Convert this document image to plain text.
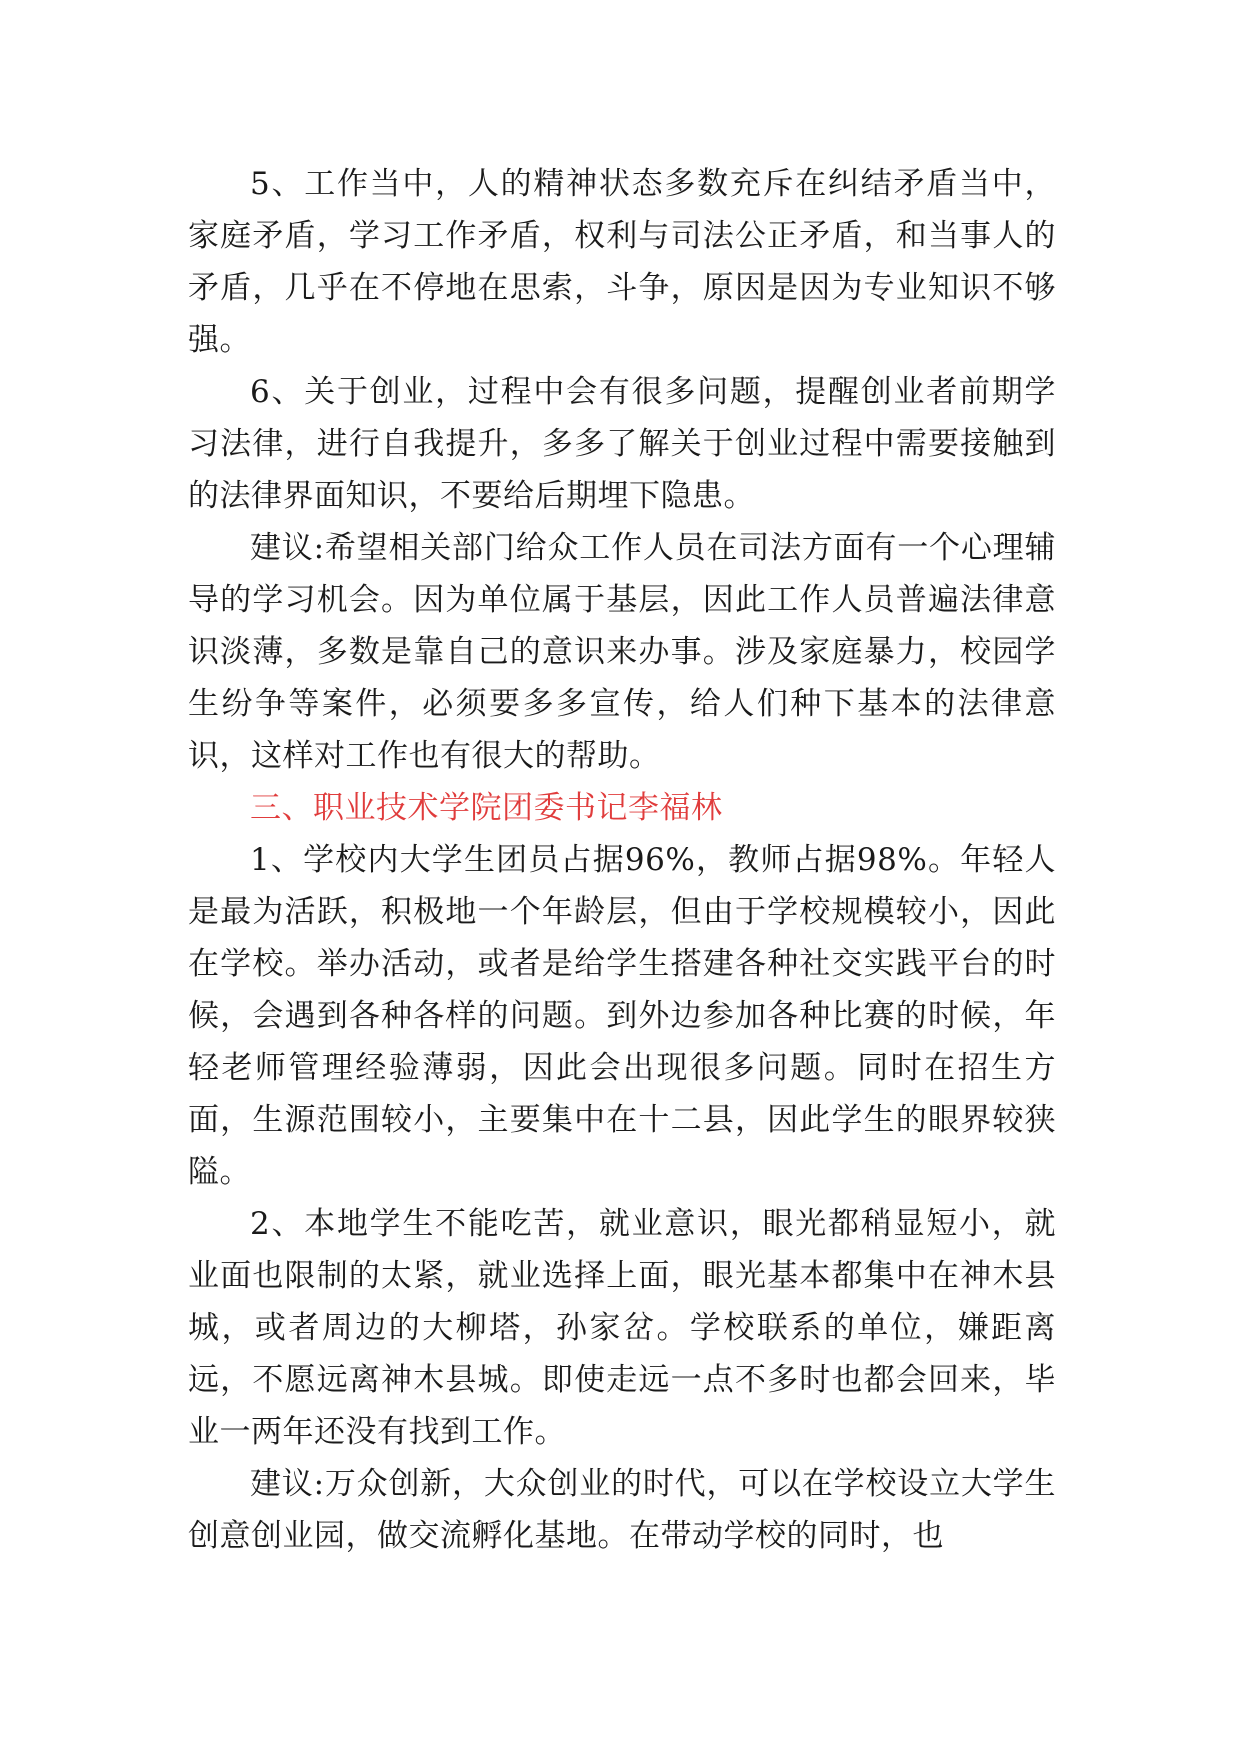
5、工作当中，人的精神状态多数充斥在纠结矛盾当中，家庭矛盾，学习工作矛盾，权利与司法公正矛盾，和当事人的矛盾，几乎在不停地在思索，斗争，原因是因为专业知识不够强。

6、关于创业，过程中会有很多问题，提醒创业者前期学习法律，进行自我提升，多多了解关于创业过程中需要接触到的法律界面知识，不要给后期埋下隐患。

建议:希望相关部门给众工作人员在司法方面有一个心理辅导的学习机会。因为单位属于基层，因此工作人员普遍法律意识淡薄，多数是靠自己的意识来办事。涉及家庭暴力，校园学生纷争等案件，必须要多多宣传，给人们种下基本的法律意识，这样对工作也有很大的帮助。

三、职业技术学院团委书记李福林

1、学校内大学生团员占据96%，教师占据98%。年轻人是最为活跃，积极地一个年龄层，但由于学校规模较小，因此在学校。举办活动，或者是给学生搭建各种社交实践平台的时候，会遇到各种各样的问题。到外边参加各种比赛的时候，年轻老师管理经验薄弱，因此会出现很多问题。同时在招生方面，生源范围较小，主要集中在十二县，因此学生的眼界较狭隘。

2、本地学生不能吃苦，就业意识，眼光都稍显短小，就业面也限制的太紧，就业选择上面，眼光基本都集中在神木县城，或者周边的大柳塔，孙家岔。学校联系的单位，嫌距离远，不愿远离神木县城。即使走远一点不多时也都会回来，毕业一两年还没有找到工作。

建议:万众创新，大众创业的时代，可以在学校设立大学生创意创业园，做交流孵化基地。在带动学校的同时，也
